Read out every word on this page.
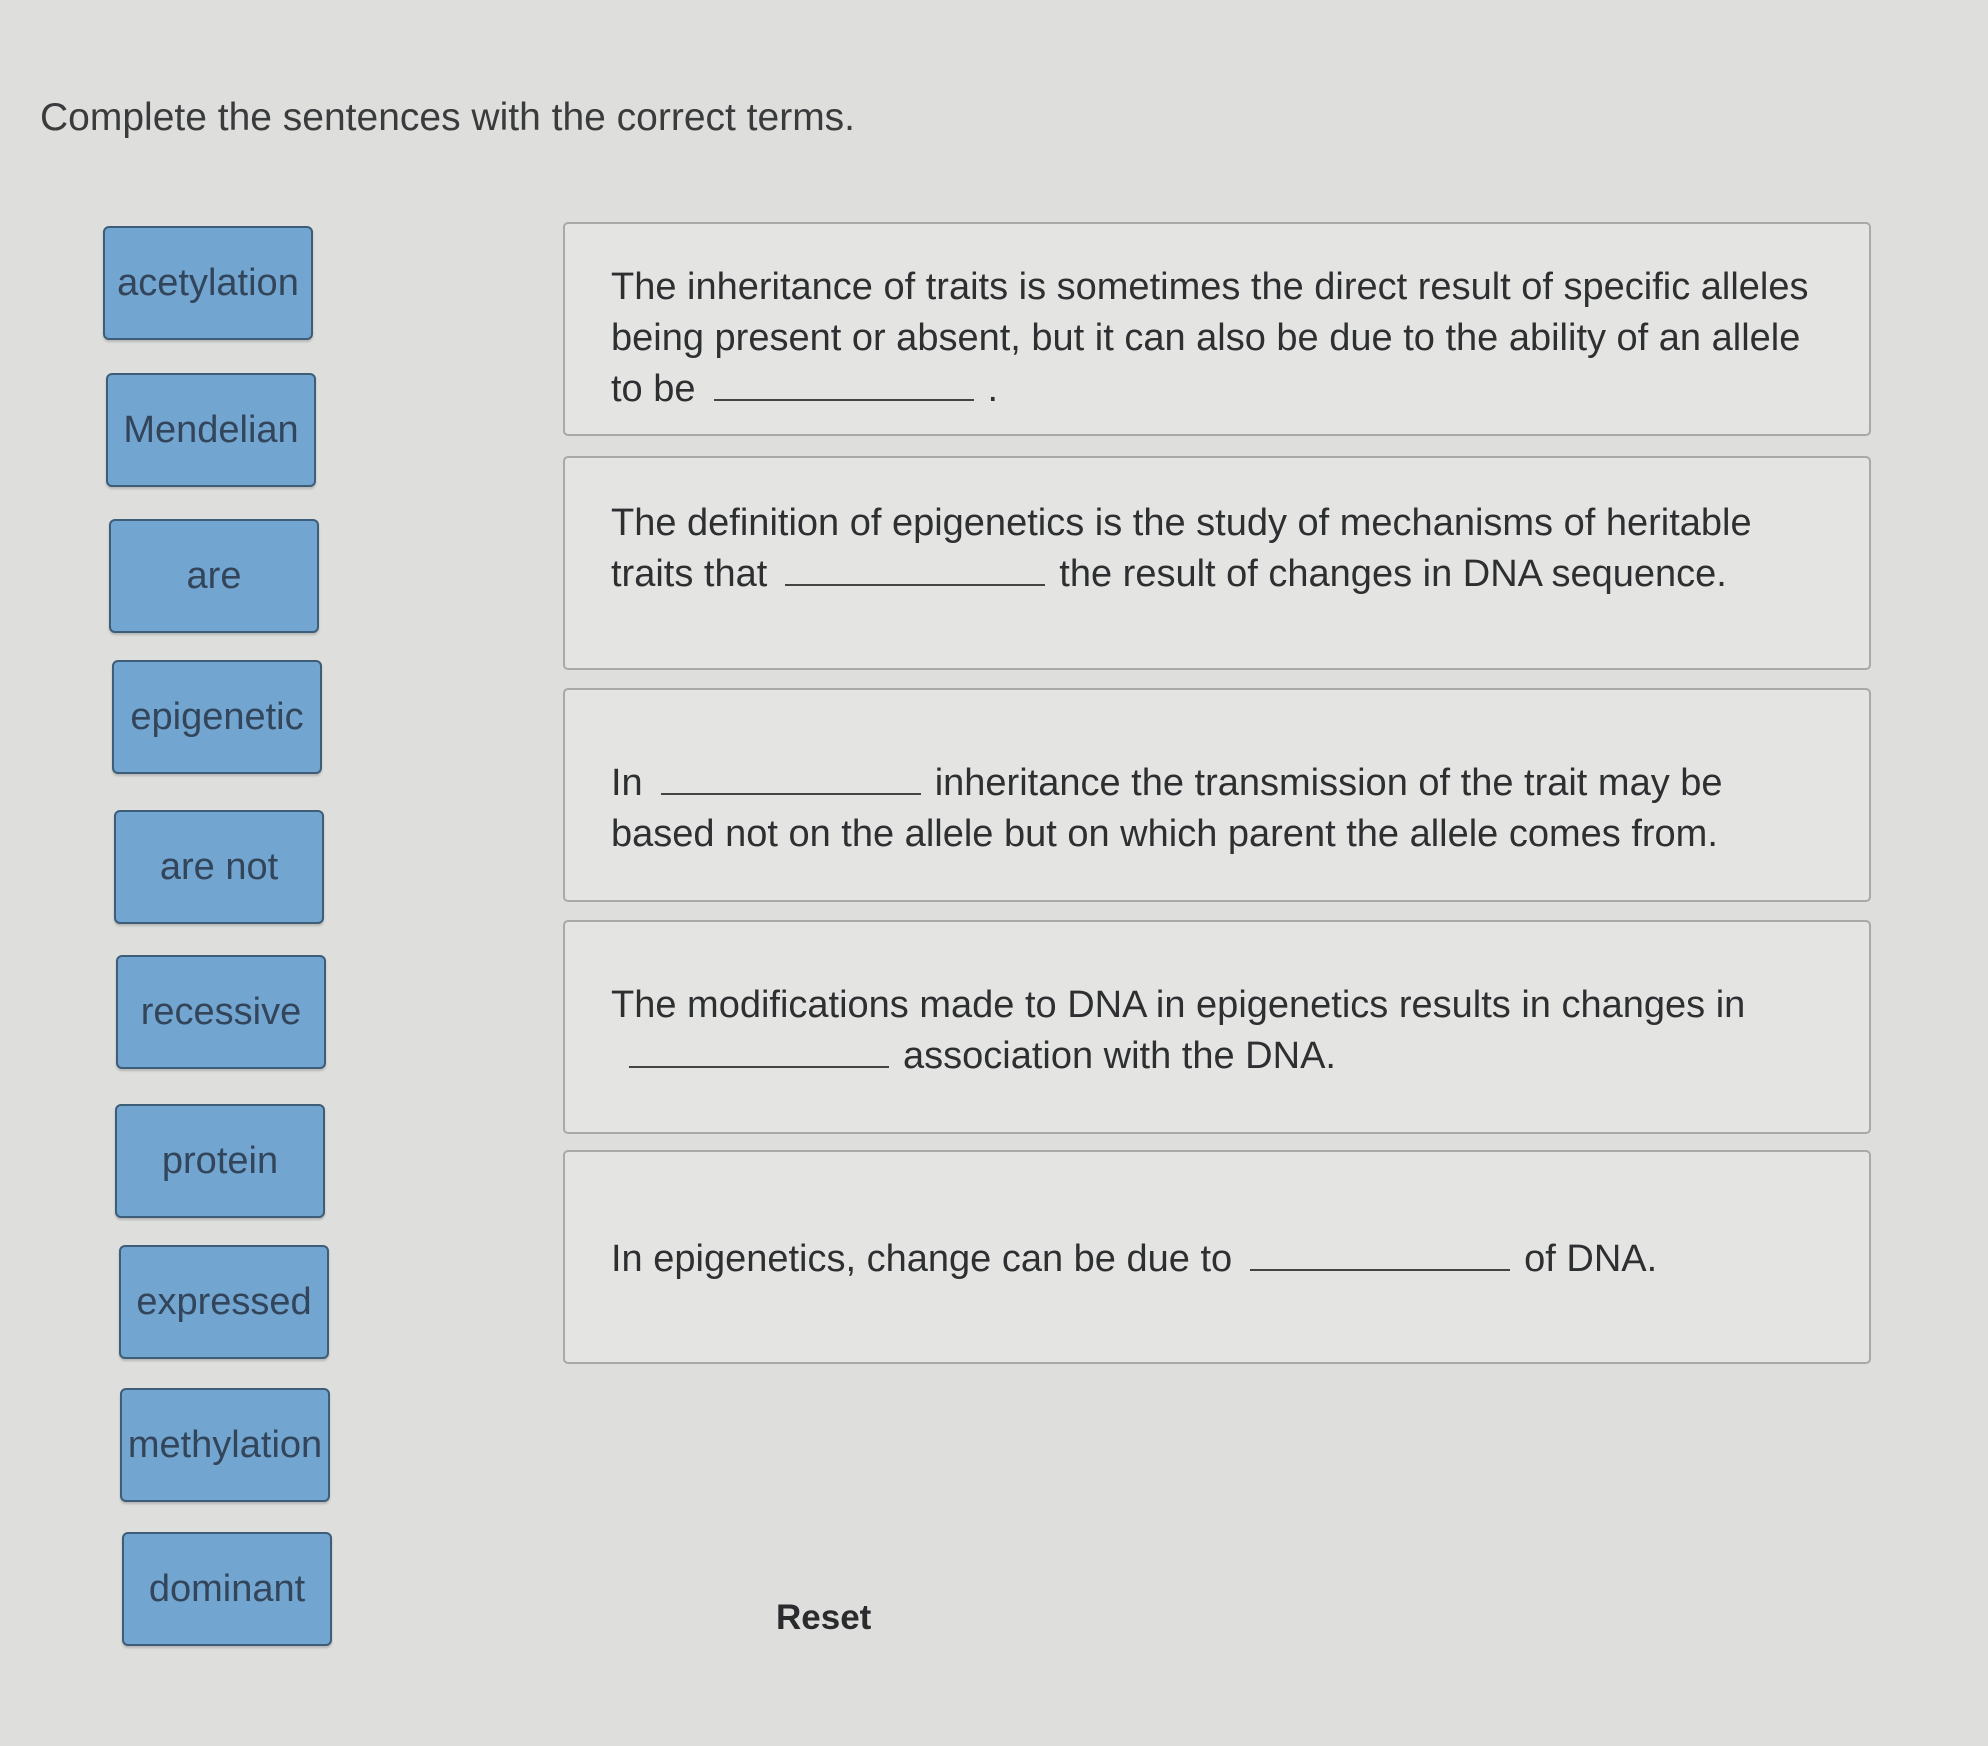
Complete the sentences with the correct terms.
acetylation
Mendelian
are
epigenetic
are not
recessive
protein
expressed
methylation
dominant
The inheritance of traits is sometimes the direct result of specific alleles being present or absent, but it can also be due to the ability of an allele to be	.
The definition of epigenetics is the study of mechanisms of heritable traits that	the result of changes in DNA sequence.
In	inheritance the transmission of the trait may be based not on the allele but on which parent the allele comes from.
The modifications made to DNA in epigenetics results in changes inassociation with the DNA.
In epigenetics, change can be due to	of DNA.
Reset
